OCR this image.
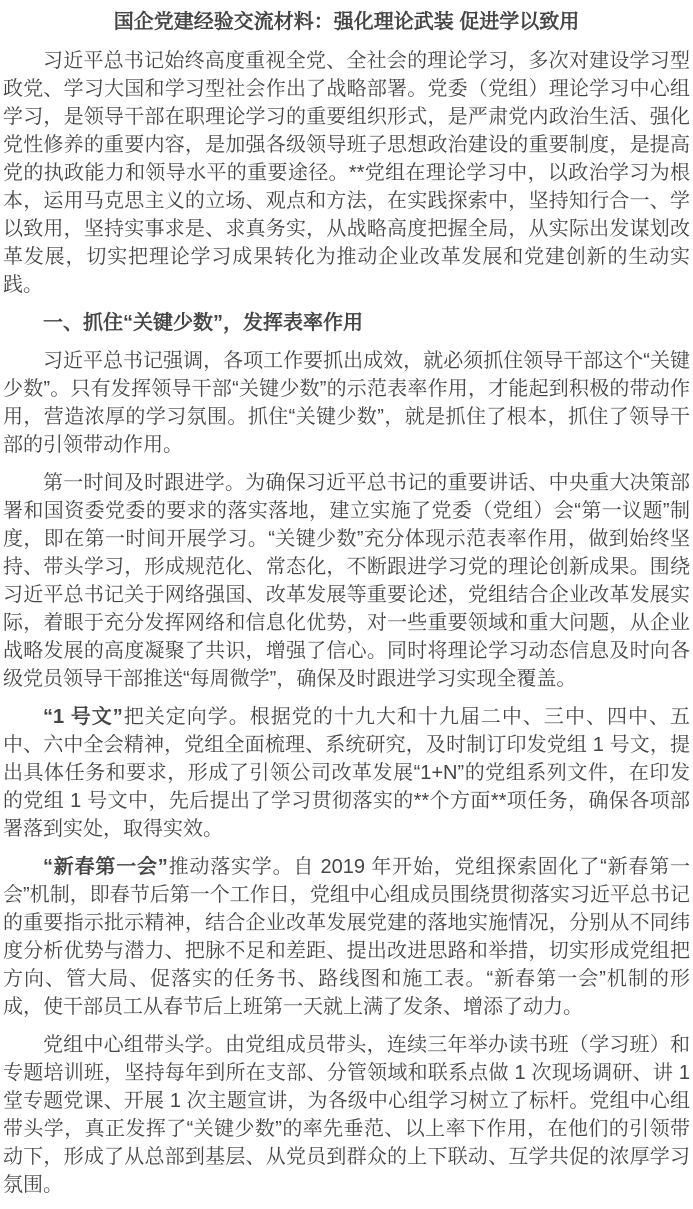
国企党建经验交流材料：强化理论武装 促进学以致用

习近平总书记始终高度重视全党、全社会的理论学习，多次对建设学习型政党、学习大国和学习型社会作出了战略部署。党委（党组）理论学习中心组学习，是领导干部在职理论学习的重要组织形式，是严肃党内政治生活、强化党性修养的重要内容，是加强各级领导班子思想政治建设的重要制度，是提高党的执政能力和领导水平的重要途径。**党组在理论学习中，以政治学习为根本，运用马克思主义的立场、观点和方法，在实践探索中，坚持知行合一、学以致用，坚持实事求是、求真务实，从战略高度把握全局，从实际出发谋划改革发展，切实把理论学习成果转化为推动企业改革发展和党建创新的生动实践。

一、抓住“关键少数”，发挥表率作用

习近平总书记强调，各项工作要抓出成效，就必须抓住领导干部这个“关键少数”。只有发挥领导干部“关键少数”的示范表率作用，才能起到积极的带动作用，营造浓厚的学习氛围。抓住“关键少数”，就是抓住了根本，抓住了领导干部的引领带动作用。

第一时间及时跟进学。为确保习近平总书记的重要讲话、中央重大决策部署和国资委党委的要求的落实落地，建立实施了党委（党组）会“第一议题”制度，即在第一时间开展学习。“关键少数”充分体现示范表率作用，做到始终坚持、带头学习，形成规范化、常态化，不断跟进学习党的理论创新成果。围绕习近平总书记关于网络强国、改革发展等重要论述，党组结合企业改革发展实际，着眼于充分发挥网络和信息化优势，对一些重要领域和重大问题，从企业战略发展的高度凝聚了共识，增强了信心。同时将理论学习动态信息及时向各级党员领导干部推送“每周微学”，确保及时跟进学习实现全覆盖。

“1 号文”把关定向学。根据党的十九大和十九届二中、三中、四中、五中、六中全会精神，党组全面梳理、系统研究，及时制订印发党组 1 号文，提出具体任务和要求，形成了引领公司改革发展“1+N”的党组系列文件，在印发的党组 1 号文中，先后提出了学习贯彻落实的**个方面**项任务，确保各项部署落到实处，取得实效。

“新春第一会”推动落实学。自 2019 年开始，党组探索固化了“新春第一会”机制，即春节后第一个工作日，党组中心组成员围绕贯彻落实习近平总书记的重要指示批示精神，结合企业改革发展党建的落地实施情况，分别从不同纬度分析优势与潜力、把脉不足和差距、提出改进思路和举措，切实形成党组把方向、管大局、促落实的任务书、路线图和施工表。“新春第一会”机制的形成，使干部员工从春节后上班第一天就上满了发条、增添了动力。

党组中心组带头学。由党组成员带头，连续三年举办读书班（学习班）和专题培训班，坚持每年到所在支部、分管领域和联系点做 1 次现场调研、讲 1 堂专题党课、开展 1 次主题宣讲，为各级中心组学习树立了标杆。党组中心组带头学，真正发挥了“关键少数”的率先垂范、以上率下作用，在他们的引领带动下，形成了从总部到基层、从党员到群众的上下联动、互学共促的浓厚学习氛围。
